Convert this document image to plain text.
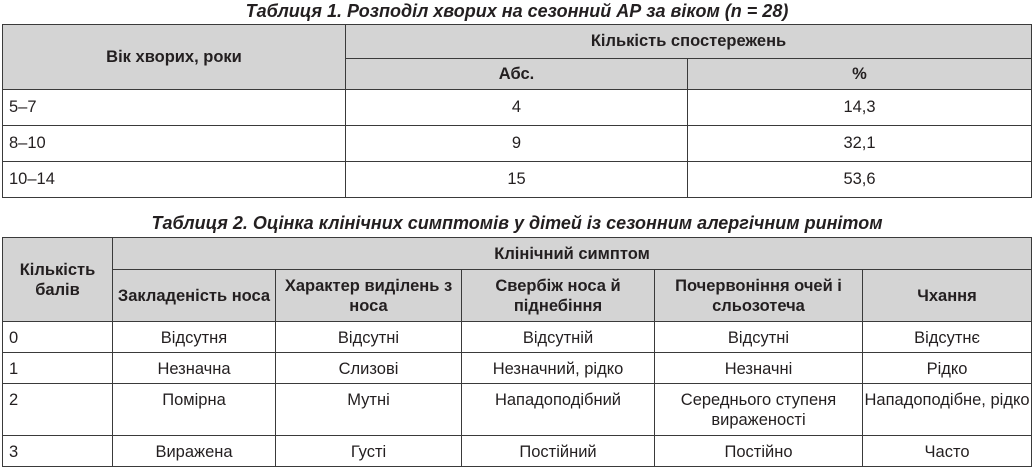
Таблиця 1. Розподіл хворих на сезонний АР за віком (n = 28)
Вік хворих, роки	Кількість спостережень	
	Абс.	%
5–7	4	14,3
8–10	9	32,1
10–14	15	53,6
Таблиця 2. Оцінка клінічних симптомів у дітей із сезонним алергічним ринітом
Кількість балів	Клінічний симптом				
	Закладеність носа	Характер виділень з носа	Свербіж носа й піднебіння	Почервоніння очей і сльозотеча	Чхання
0	Відсутня	Відсутні	Відсутній	Відсутні	Відсутнє
1	Незначна	Слизові	Незначний, рідко	Незначні	Рідко
2	Помірна	Мутні	Нападоподібний	Середнього ступеня вираженості	Нападоподібне, рідко
3	Виражена	Густі	Постійний	Постійно	Часто
